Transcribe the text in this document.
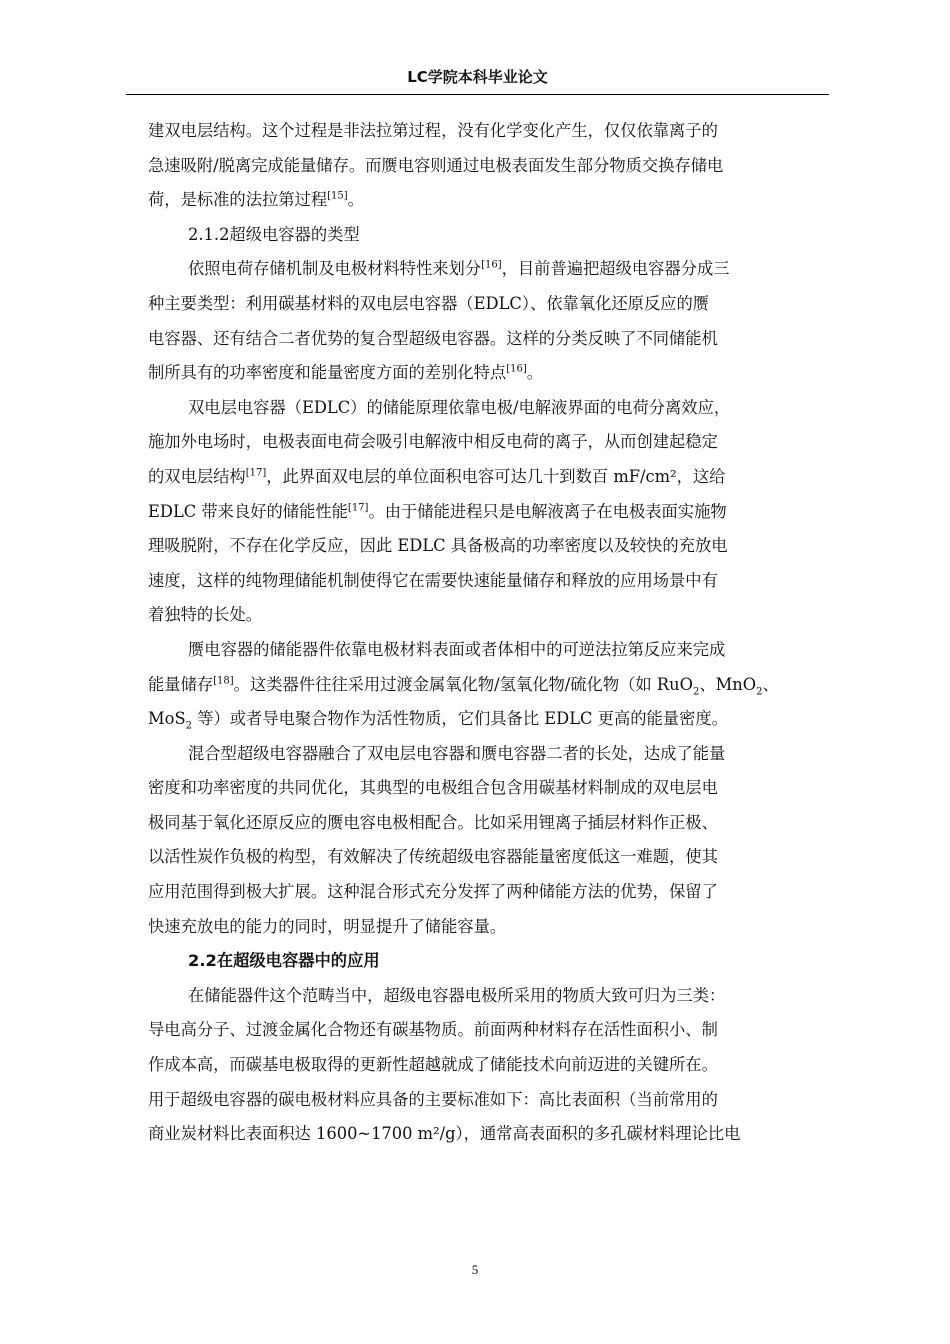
LC学院本科毕业论文
建双电层结构。这个过程是非法拉第过程，没有化学变化产生，仅仅依靠离子的
急速吸附/脱离完成能量储存。而赝电容则通过电极表面发生部分物质交换存储电
荷，是标准的法拉第过程[15]。
2.1.2超级电容器的类型
依照电荷存储机制及电极材料特性来划分[16]，目前普遍把超级电容器分成三
种主要类型：利用碳基材料的双电层电容器（EDLC）、依靠氧化还原反应的赝
电容器、还有结合二者优势的复合型超级电容器。这样的分类反映了不同储能机
制所具有的功率密度和能量密度方面的差别化特点[16]。
双电层电容器（EDLC）的储能原理依靠电极/电解液界面的电荷分离效应，
施加外电场时，电极表面电荷会吸引电解液中相反电荷的离子，从而创建起稳定
的双电层结构[17]，此界面双电层的单位面积电容可达几十到数百 mF/cm²，这给
EDLC 带来良好的储能性能[17]。由于储能进程只是电解液离子在电极表面实施物
理吸脱附，不存在化学反应，因此 EDLC 具备极高的功率密度以及较快的充放电
速度，这样的纯物理储能机制使得它在需要快速能量储存和释放的应用场景中有
着独特的长处。
赝电容器的储能器件依靠电极材料表面或者体相中的可逆法拉第反应来完成
能量储存[18]。这类器件往往采用过渡金属氧化物/氢氧化物/硫化物（如 RuO$_2$、MnO$_2$、
MoS$_2$ 等）或者导电聚合物作为活性物质，它们具备比 EDLC 更高的能量密度。
混合型超级电容器融合了双电层电容器和赝电容器二者的长处，达成了能量
密度和功率密度的共同优化，其典型的电极组合包含用碳基材料制成的双电层电
极同基于氧化还原反应的赝电容电极相配合。比如采用锂离子插层材料作正极、
以活性炭作负极的构型，有效解决了传统超级电容器能量密度低这一难题，使其
应用范围得到极大扩展。这种混合形式充分发挥了两种储能方法的优势，保留了
快速充放电的能力的同时，明显提升了储能容量。
2.2在超级电容器中的应用
在储能器件这个范畴当中，超级电容器电极所采用的物质大致可归为三类：
导电高分子、过渡金属化合物还有碳基物质。前面两种材料存在活性面积小、制
作成本高，而碳基电极取得的更新性超越就成了储能技术向前迈进的关键所在。
用于超级电容器的碳电极材料应具备的主要标准如下：高比表面积（当前常用的
商业炭材料比表面积达 1600~1700 m²/g），通常高表面积的多孔碳材料理论比电
5
